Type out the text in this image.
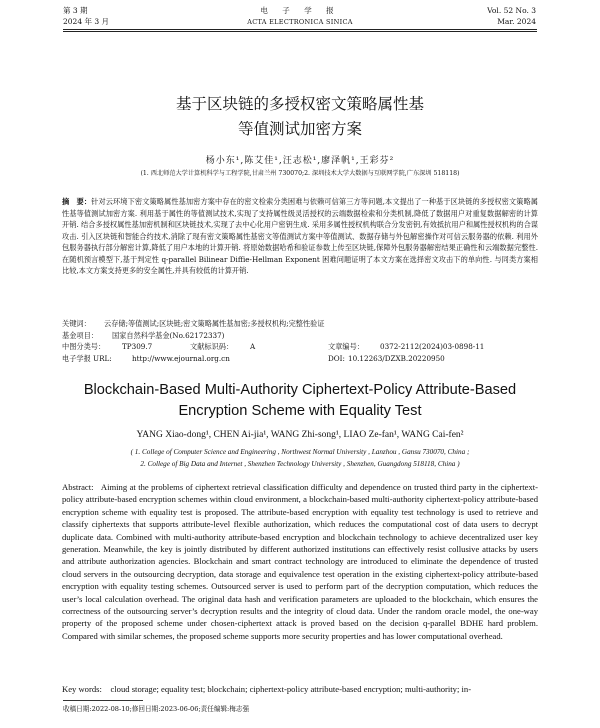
第 3 期
2024 年 3 月
电 子 学 报
ACTA ELECTRONICA SINICA
Vol. 52 No. 3
Mar. 2024
基于区块链的多授权密文策略属性基
等值测试加密方案
杨小东¹,陈艾佳¹,汪志松¹,廖泽帆¹,王彩芬²
(1. 西北师范大学计算机科学与工程学院,甘肃兰州 730070;2. 深圳技术大学大数据与互联网学院,广东深圳 518118)
摘　要：针对云环境下密文策略属性基加密方案中存在的密文检索分类困难与依赖可信第三方等问题,本文提出了一种基于区块链的多授权密文策略属性基等值测试加密方案. 利用基于属性的等值测试技术,实现了支持属性级灵活授权的云端数据检索和分类机制,降低了数据用户对重复数据解密的计算开销. 结合多授权属性基加密机制和区块链技术,实现了去中心化用户密钥生成. 采用多属性授权机构联合分发密钥,有效抵抗用户和属性授权机构的合谋攻击. 引入区块链和智能合约技术,消除了现有密文策略属性基密文等值测试方案中等值测试、数据存储与外包解密操作对可信云服务器的依赖. 利用外包服务器执行部分解密计算,降低了用户本地的计算开销. 将原始数据哈希和验证参数上传至区块链,保障外包服务器解密结果正确性和云端数据完整性. 在随机预言模型下,基于判定性 q-parallel Bilinear Diffie-Hellman Exponent 困难问题证明了本文方案在选择密文攻击下的单向性. 与同类方案相比较,本文方案支持更多的安全属性,并具有较低的计算开销.
关键词： 云存储;等值测试;区块链;密文策略属性基加密;多授权机构;完整性验证
基金项目： 国家自然科学基金(No.62172337)
中图分类号： TP309.7	文献标识码： A	文章编号： 0372-2112(2024)03-0898-11
电子学报 URL:	http://www.ejournal.org.cn	DOI: 10.12263/DZXB.20220950
Blockchain-Based Multi-Authority Ciphertext-Policy Attribute-Based
Encryption Scheme with Equality Test
YANG Xiao-dong¹, CHEN Ai-jia¹, WANG Zhi-song¹, LIAO Ze-fan¹, WANG Cai-fen²
( 1. College of Computer Science and Engineering , Northwest Normal University , Lanzhou , Gansu 730070, China ;
2. College of Big Data and Internet , Shenzhen Technology University , Shenzhen, Guangdong 518118, China )
Abstract: Aiming at the problems of ciphertext retrieval classification difficulty and dependence on trusted third party in the ciphertext-policy attribute-based encryption schemes within cloud environment, a blockchain-based multi-authority ciphertext-policy attribute-based encryption scheme with equality test is proposed. The attribute-based encryption with equality test technology is used to retrieve and classify ciphertexts that supports attribute-level flexible authorization, which reduces the computational cost of data users to decrypt duplicate data. Combined with multi-authority attribute-based encryption and blockchain technology to achieve decentralized user key generation. Meanwhile, the key is jointly distributed by different authorized institutions can effectively resist collusive attacks by users and attribute authorization agencies. Blockchain and smart contract technology are introduced to eliminate the dependence of trusted cloud servers in the outsourcing decryption, data storage and equivalence test operation in the existing ciphertext-policy attribute-based encryption with equality testing schemes. Outsourced server is used to perform part of the decryption computation, which reduces the user’s local calculation overhead. The original data hash and verification parameters are uploaded to the blockchain, which ensures the correctness of the outsourcing server’s decryption results and the integrity of cloud data. Under the random oracle model, the one-way property of the proposed scheme under chosen-ciphertext attack is proved based on the decision q-parallel BDHE hard problem. Compared with similar schemes, the proposed scheme supports more security properties and has lower computational overhead.
Key words: cloud storage; equality test; blockchain; ciphertext-policy attribute-based encryption; multi-authority; in-
收稿日期:2022-08-10;修回日期:2023-06-06;责任编辑:梅志强
